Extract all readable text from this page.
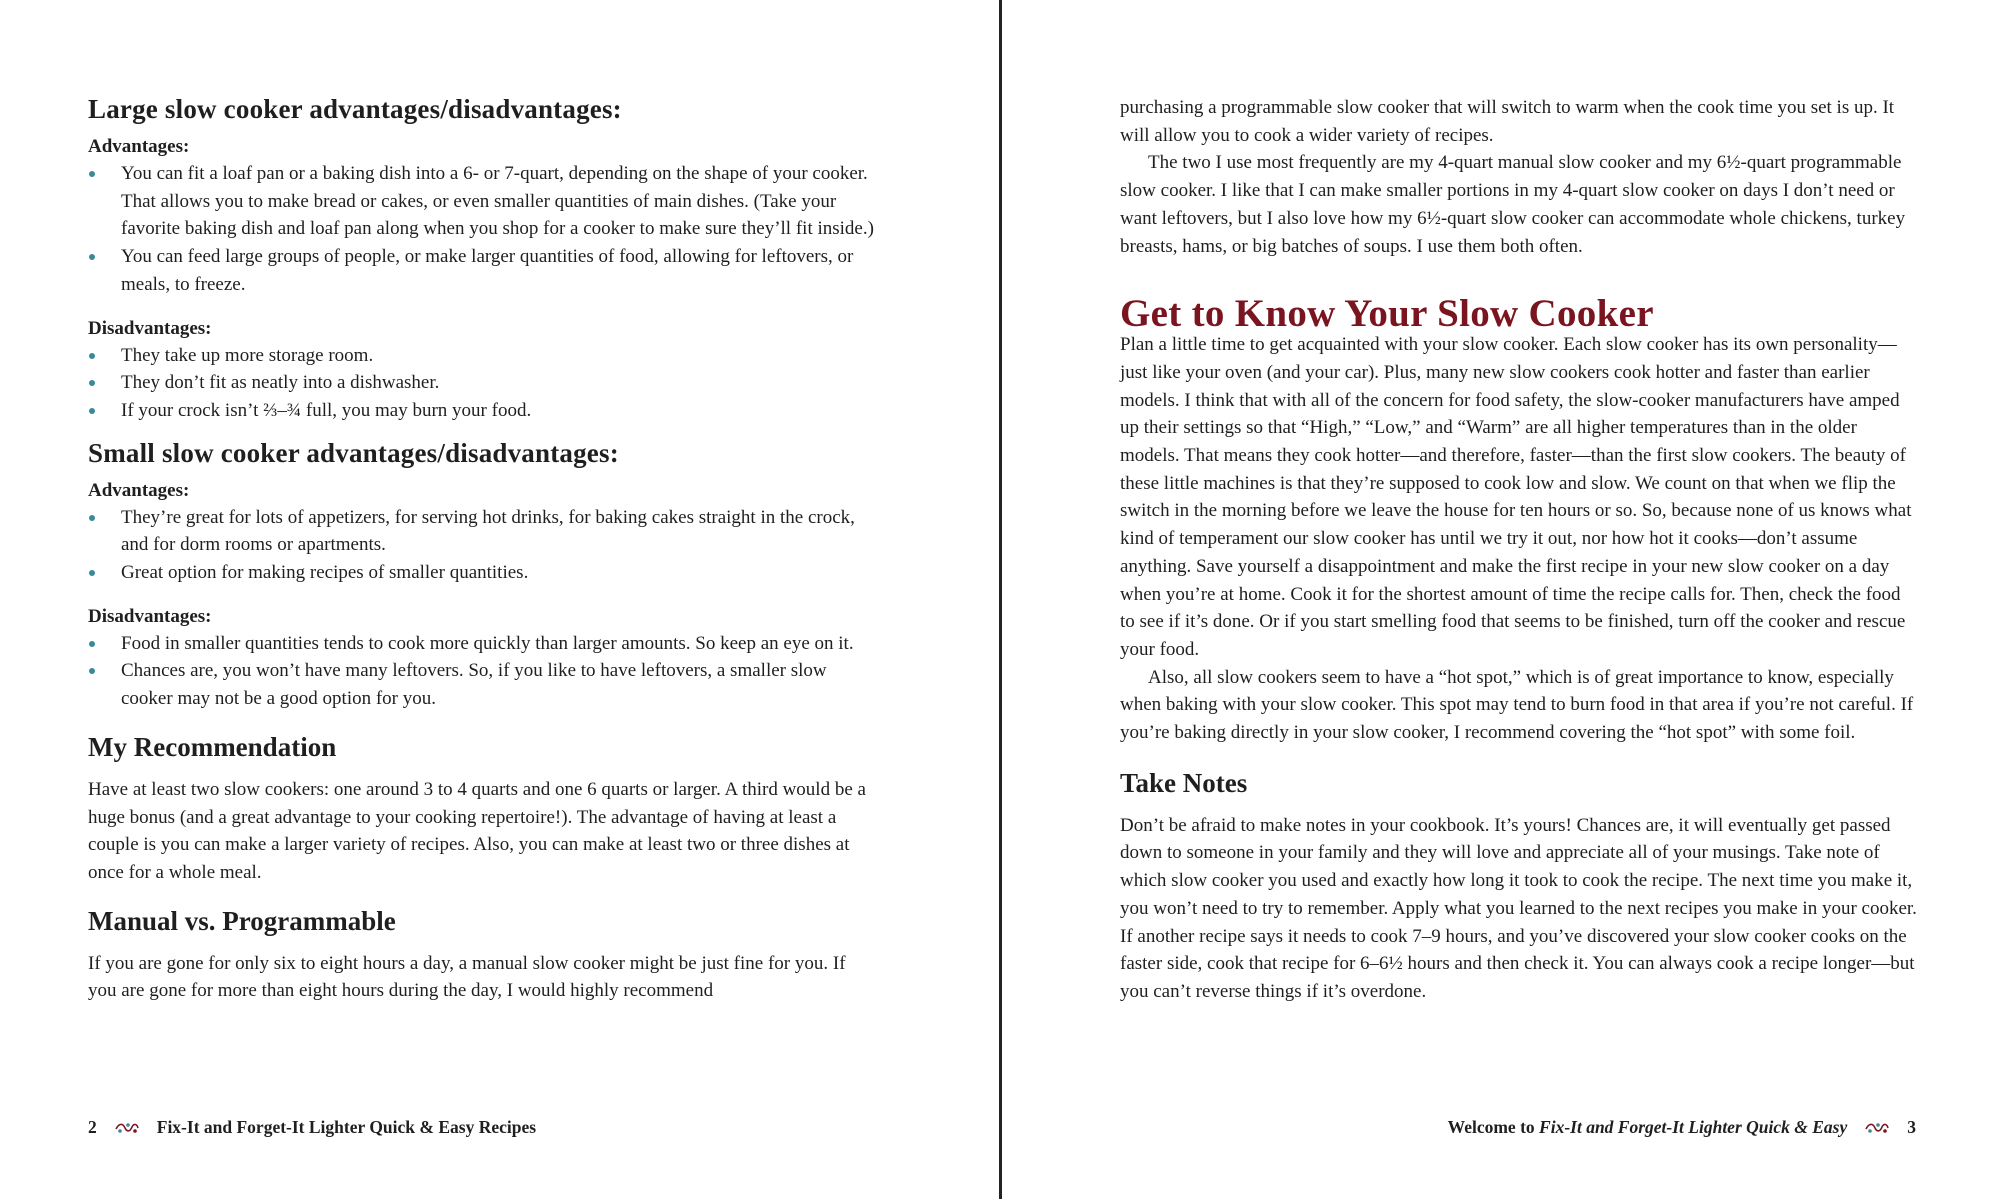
Large slow cooker advantages/disadvantages:
Advantages:
You can fit a loaf pan or a baking dish into a 6- or 7-quart, depending on the shape of your cooker. That allows you to make bread or cakes, or even smaller quantities of main dishes. (Take your favorite baking dish and loaf pan along when you shop for a cooker to make sure they’ll fit inside.)
You can feed large groups of people, or make larger quantities of food, allowing for leftovers, or meals, to freeze.
Disadvantages:
They take up more storage room.
They don’t fit as neatly into a dishwasher.
If your crock isn’t ⅔–¾ full, you may burn your food.
Small slow cooker advantages/disadvantages:
Advantages:
They’re great for lots of appetizers, for serving hot drinks, for baking cakes straight in the crock, and for dorm rooms or apartments.
Great option for making recipes of smaller quantities.
Disadvantages:
Food in smaller quantities tends to cook more quickly than larger amounts. So keep an eye on it.
Chances are, you won’t have many leftovers. So, if you like to have leftovers, a smaller slow cooker may not be a good option for you.
My Recommendation

Have at least two slow cookers: one around 3 to 4 quarts and one 6 quarts or larger. A third would be a huge bonus (and a great advantage to your cooking repertoire!). The advantage of having at least a couple is you can make a larger variety of recipes. Also, you can make at least two or three dishes at once for a whole meal.

Manual vs. Programmable

If you are gone for only six to eight hours a day, a manual slow cooker might be just fine for you. If you are gone for more than eight hours during the day, I would highly recommend

2	Fix-It and Forget-It Lighter Quick & Easy Recipes

purchasing a programmable slow cooker that will switch to warm when the cook time you set is up. It will allow you to cook a wider variety of recipes.

The two I use most frequently are my 4-quart manual slow cooker and my 6½-quart programmable slow cooker. I like that I can make smaller portions in my 4-quart slow cooker on days I don’t need or want leftovers, but I also love how my 6½-quart slow cooker can accommodate whole chickens, turkey breasts, hams, or big batches of soups. I use them both often.

Get to Know Your Slow Cooker

Plan a little time to get acquainted with your slow cooker. Each slow cooker has its own personality—just like your oven (and your car). Plus, many new slow cookers cook hotter and faster than earlier models. I think that with all of the concern for food safety, the slow-cooker manufacturers have amped up their settings so that “High,” “Low,” and “Warm” are all higher temperatures than in the older models. That means they cook hotter—and therefore, faster—than the first slow cookers. The beauty of these little machines is that they’re supposed to cook low and slow. We count on that when we flip the switch in the morning before we leave the house for ten hours or so. So, because none of us knows what kind of temperament our slow cooker has until we try it out, nor how hot it cooks—don’t assume anything. Save yourself a disappointment and make the first recipe in your new slow cooker on a day when you’re at home. Cook it for the shortest amount of time the recipe calls for. Then, check the food to see if it’s done. Or if you start smelling food that seems to be finished, turn off the cooker and rescue your food.

Also, all slow cookers seem to have a “hot spot,” which is of great importance to know, especially when baking with your slow cooker. This spot may tend to burn food in that area if you’re not careful. If you’re baking directly in your slow cooker, I recommend covering the “hot spot” with some foil.

Take Notes

Don’t be afraid to make notes in your cookbook. It’s yours! Chances are, it will eventually get passed down to someone in your family and they will love and appreciate all of your musings. Take note of which slow cooker you used and exactly how long it took to cook the recipe. The next time you make it, you won’t need to try to remember. Apply what you learned to the next recipes you make in your cooker. If another recipe says it needs to cook 7–9 hours, and you’ve discovered your slow cooker cooks on the faster side, cook that recipe for 6–6½ hours and then check it. You can always cook a recipe longer—but you can’t reverse things if it’s overdone.

Welcome to
Fix-It and Forget-It Lighter Quick & Easy	3
